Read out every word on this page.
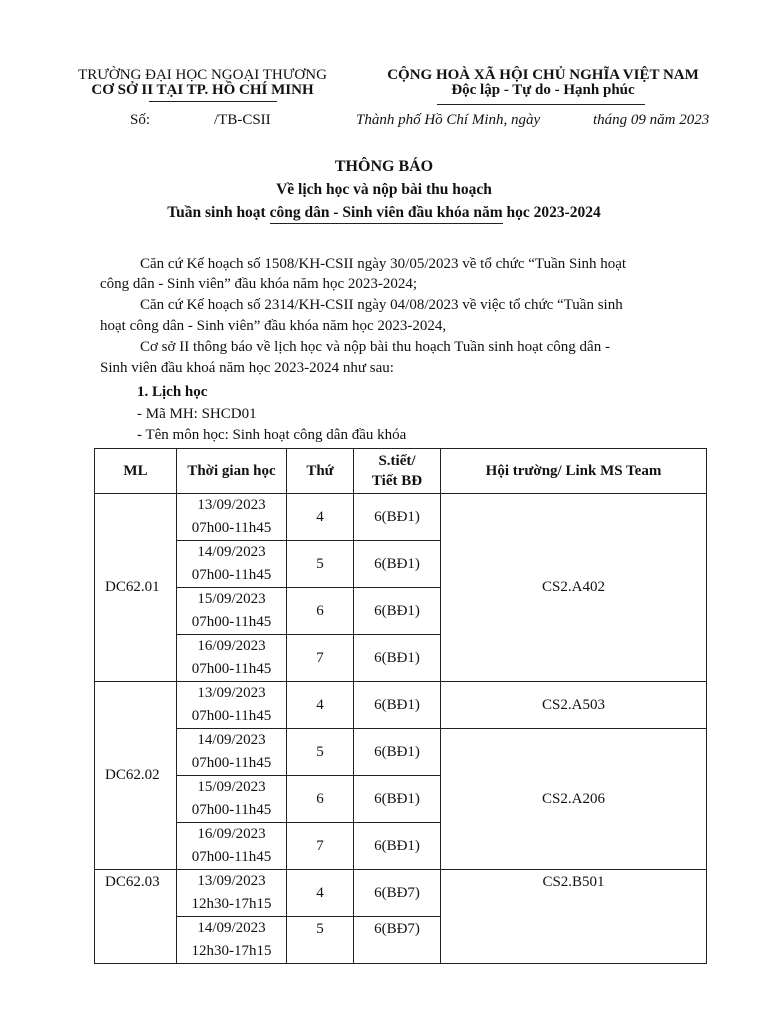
TRƯỜNG ĐẠI HỌC NGOẠI THƯƠNG
CƠ SỞ II TẠI TP. HỒ CHÍ MINH
CỘNG HOÀ XÃ HỘI CHỦ NGHĨA VIỆT NAM
Độc lập - Tự do - Hạnh phúc
Số:	/TB-CSII	Thành phố Hồ Chí Minh, ngày	tháng 09 năm 2023
THÔNG BÁO
Về lịch học và nộp bài thu hoạch
Tuần sinh hoạt công dân - Sinh viên đầu khóa năm học 2023-2024
Căn cứ Kế hoạch số 1508/KH-CSII ngày 30/05/2023 về tổ chức “Tuần Sinh hoạt
công dân - Sinh viên” đầu khóa năm học 2023-2024;
Căn cứ Kế hoạch số 2314/KH-CSII ngày 04/08/2023 về việc tổ chức “Tuần sinh
hoạt công dân - Sinh viên” đầu khóa năm học 2023-2024,
Cơ sở II thông báo về lịch học và nộp bài thu hoạch Tuần sinh hoạt công dân -
Sinh viên đầu khoá năm học 2023-2024 như sau:
1. Lịch học
- Mã MH: SHCD01
- Tên môn học: Sinh hoạt công dân đầu khóa
ML	Thời gian học	Thứ	S.tiết/
Tiết BĐ	Hội trường/ Link MS Team
DC62.01	13/09/2023
07h00-11h45	4	6(BĐ1)	CS2.A402

	14/09/2023
07h00-11h45	5	6(BĐ1)	

	15/09/2023
07h00-11h45	6	6(BĐ1)	

	16/09/2023
07h00-11h45	7	6(BĐ1)	
DC62.02	13/09/2023
07h00-11h45	4	6(BĐ1)	CS2.A503

	14/09/2023
07h00-11h45	5	6(BĐ1)	CS2.A206

	15/09/2023
07h00-11h45	6	6(BĐ1)	

	16/09/2023
07h00-11h45	7	6(BĐ1)	
DC62.03	13/09/2023
12h30-17h15	4	6(BĐ7)	CS2.B501

	14/09/2023
12h30-17h15	5	6(BĐ7)	
